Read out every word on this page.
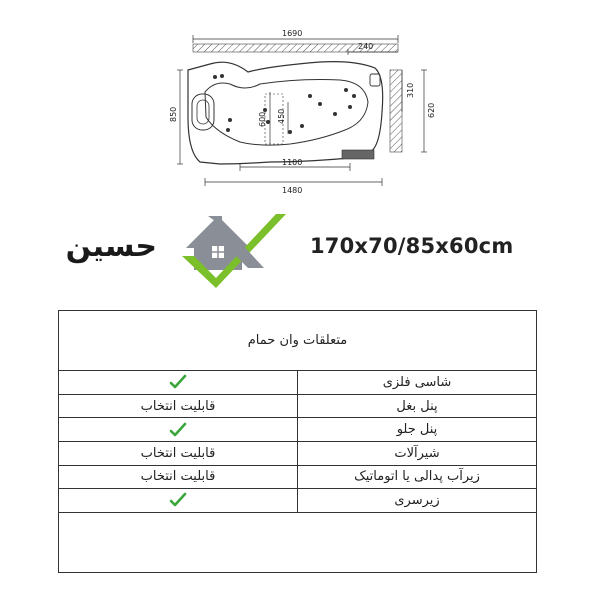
1690
240
850	600 450
310
620
1100
1480
حسین	170x70/85x60cm
متعلقات وان حمام	
	شاسی فلزی
قابلیت انتخاب	پنل بغل
	پنل جلو
قابلیت انتخاب	شیرآلات
قابلیت انتخاب	زیرآب پدالی یا اتوماتیک
	زیرسری
